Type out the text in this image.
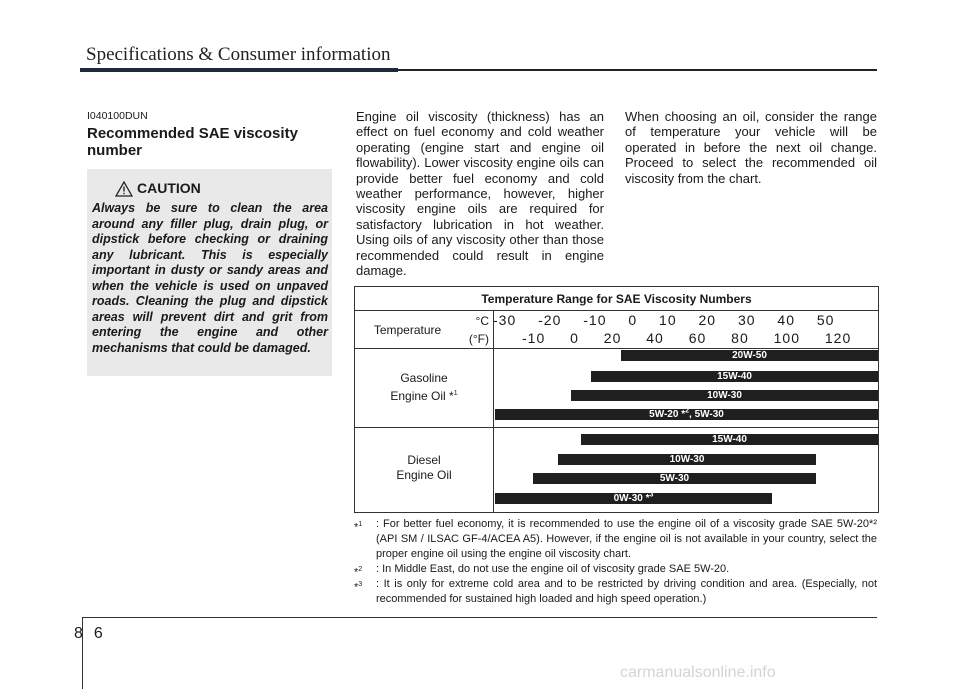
Specifications & Consumer information
I040100DUN
Recommended SAE viscosity number
CAUTION
Always be sure to clean the area around any filler plug, drain plug, or dipstick before checking or draining any lubricant. This is especially important in dusty or sandy areas and when the vehicle is used on unpaved roads. Cleaning the plug and dipstick areas will prevent dirt and grit from entering the engine and other mechanisms that could be damaged.
Engine oil viscosity (thickness) has an effect on fuel economy and cold weather operating (engine start and engine oil flowability). Lower viscosity engine oils can provide better fuel economy and cold weather performance, however, higher viscosity engine oils are required for satisfactory lubrication in hot weather. Using oils of any viscosity other than those recommended could result in engine damage.
When choosing an oil, consider the range of temperature your vehicle will be operated in before the next oil change. Proceed to select the recommended oil viscosity from the chart.
Temperature Range for SAE Viscosity Numbers
Temperature
°C
(°F)
-30 -20 -10 0 10 20 30 40 50
-10 0 20 40 60 80 100 120
Gasoline
Engine Oil *$^1$
Diesel
Engine Oil
20W-50
15W-40
10W-30
5W-20 *$^2$, 5W-30
15W-40
10W-30
5W-30
0W-30 *$^3$
*$^1$ : For better fuel economy, it is recommended to use the engine oil of a viscosity grade SAE 5W-20*² (API SM / ILSAC GF-4/ACEA A5). However, if the engine oil is not available in your country, select the proper engine oil using the engine oil viscosity chart.
*$^2$ : In Middle East, do not use the engine oil of viscosity grade SAE 5W-20.
*$^3$ : It is only for extreme cold area and to be restricted by driving condition and area. (Especially, not recommended for sustained high loaded and high speed operation.)
86
carmanualsonline.info
